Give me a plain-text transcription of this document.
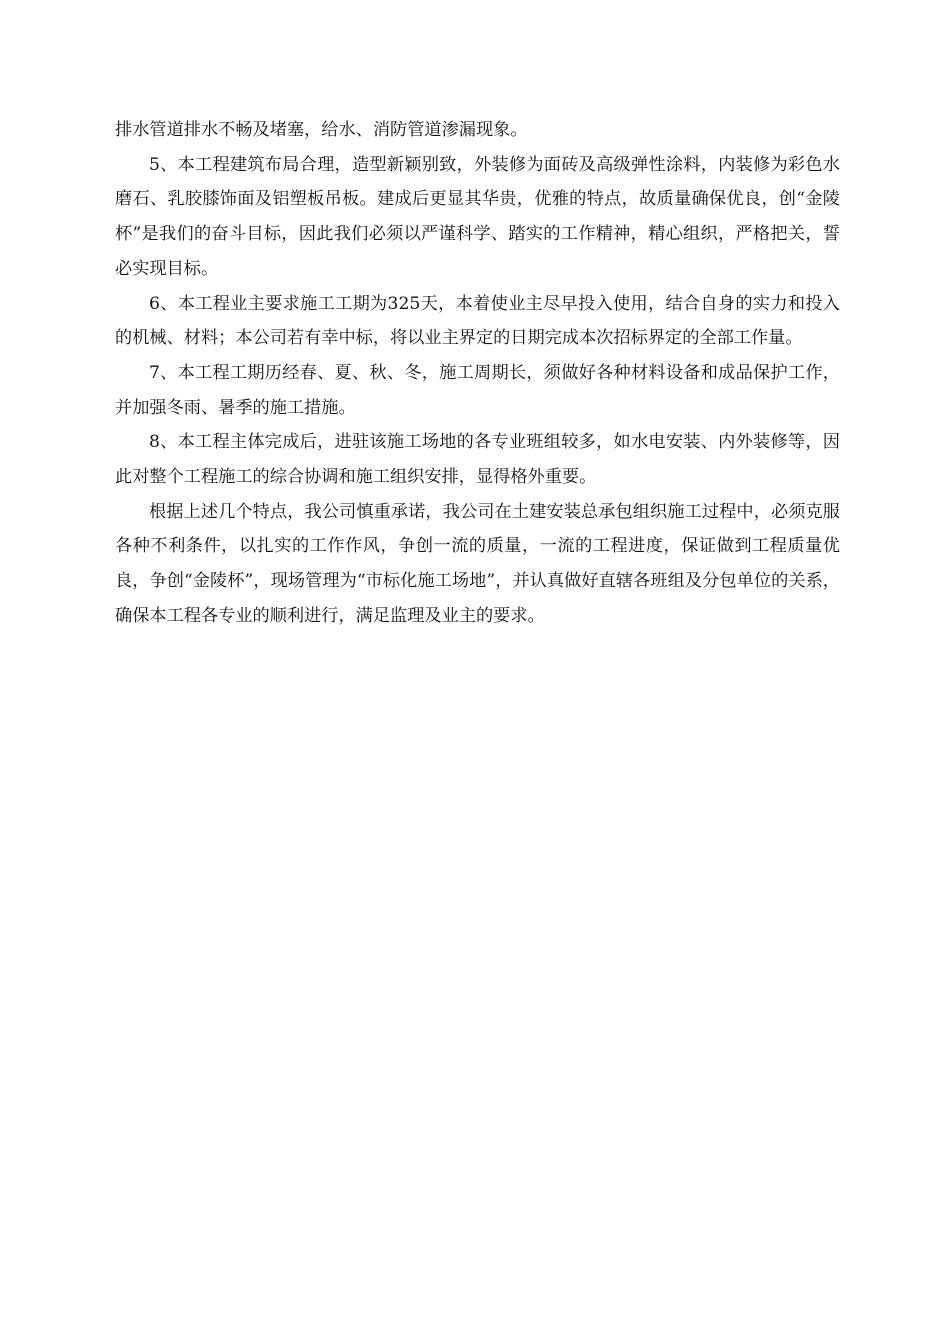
排水管道排水不畅及堵塞，给水、消防管道渗漏现象。

5、本工程建筑布局合理，造型新颖别致，外装修为面砖及高级弹性涂料，内装修为彩色水磨石、乳胶膝饰面及铝塑板吊板。建成后更显其华贵，优雅的特点，故质量确保优良，创“金陵杯”是我们的奋斗目标，因此我们必须以严谨科学、踏实的工作精神，精心组织，严格把关，誓必实现目标。

6、本工程业主要求施工工期为325天，本着使业主尽早投入使用，结合自身的实力和投入的机械、材料；本公司若有幸中标，将以业主界定的日期完成本次招标界定的全部工作量。

7、本工程工期历经春、夏、秋、冬，施工周期长，须做好各种材料设备和成品保护工作，并加强冬雨、暑季的施工措施。

8、本工程主体完成后，进驻该施工场地的各专业班组较多，如水电安装、内外装修等，因此对整个工程施工的综合协调和施工组织安排，显得格外重要。

根据上述几个特点，我公司慎重承诺，我公司在土建安装总承包组织施工过程中，必须克服各种不利条件，以扎实的工作作风，争创一流的质量，一流的工程进度，保证做到工程质量优良，争创“金陵杯”，现场管理为“市标化施工场地”，并认真做好直辖各班组及分包单位的关系，确保本工程各专业的顺利进行，满足监理及业主的要求。
